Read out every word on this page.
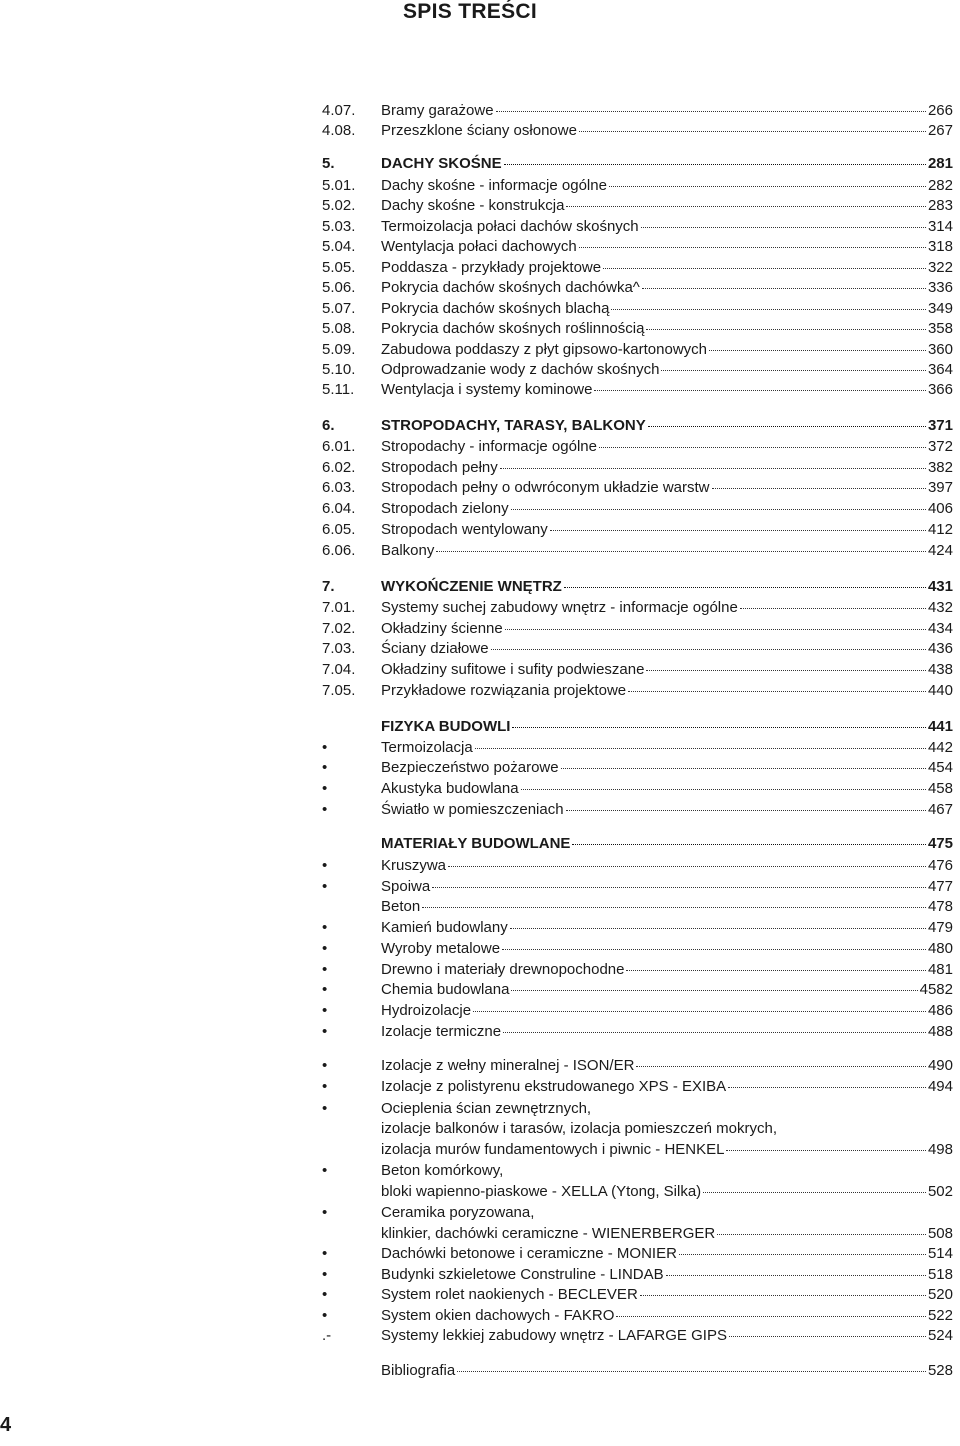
SPIS TREŚCI
4.07. Bramy garażowe	266
4.08. Przeszklone ściany osłonowe	267
5.	DACHY SKOŚNE	281
5.01. Dachy skośne - informacje ogólne	282
5.02. Dachy skośne - konstrukcja	283
5.03. Termoizolacja połaci dachów skośnych	314
5.04. Wentylacja połaci dachowych	318
5.05. Poddasza - przykłady projektowe	322
5.06. Pokrycia dachów skośnych dachówka^	336
5.07. Pokrycia dachów skośnych blachą	349
5.08. Pokrycia dachów skośnych roślinnością	358
5.09. Zabudowa poddaszy z płyt gipsowo-kartonowych	360
5.10. Odprowadzanie wody z dachów skośnych	364
5.11. Wentylacja i systemy kominowe	366
6.	STROPODACHY, TARASY, BALKONY	371
6.01. Stropodachy - informacje ogólne	372
6.02. Stropodach pełny	382
6.03. Stropodach pełny o odwróconym układzie warstw	397
6.04. Stropodach zielony	406
6.05. Stropodach wentylowany	412
6.06. Balkony	424
7.	WYKOŃCZENIE WNĘTRZ	431
7.01. Systemy suchej zabudowy wnętrz - informacje ogólne	432
7.02. Okładziny ścienne	434
7.03. Ściany działowe	436
7.04. Okładziny sufitowe i sufity podwieszane	438
7.05. Przykładowe rozwiązania projektowe	440
FIZYKA BUDOWLI	441
•	Termoizolacja	442
•	Bezpieczeństwo pożarowe	454
•	Akustyka budowlana	458
•	Światło w pomieszczeniach	467
MATERIAŁY BUDOWLANE	475
•	Kruszywa	476
•	Spoiwa	477
Beton	478
•	Kamień budowlany	479
•	Wyroby metalowe	480
•	Drewno i materiały drewnopochodne	481
•	Chemia budowlana	4582
•	Hydroizolacje	486
•	Izolacje termiczne	488
•	Izolacje z wełny mineralnej - ISON/ER	490
•	Izolacje z polistyrenu ekstrudowanego XPS - EXIBA	494
•	Ocieplenia ścian zewnętrznych,
izolacje balkonów i tarasów, izolacja pomieszczeń mokrych,
izolacja murów fundamentowych i piwnic - HENKEL	498
•	Beton komórkowy,
bloki wapienno-piaskowe - XELLA (Ytong, Silka)	502
•	Ceramika poryzowana,
klinkier, dachówki ceramiczne - WIENERBERGER	508
•	Dachówki betonowe i ceramiczne - MONIER	514
•	Budynki szkieletowe Construline - LINDAB	518
•	System rolet naokienych - BECLEVER	520
•	System okien dachowych - FAKRO	522
.-	Systemy lekkiej zabudowy wnętrz - LAFARGE GIPS	524
Bibliografia	528
4
